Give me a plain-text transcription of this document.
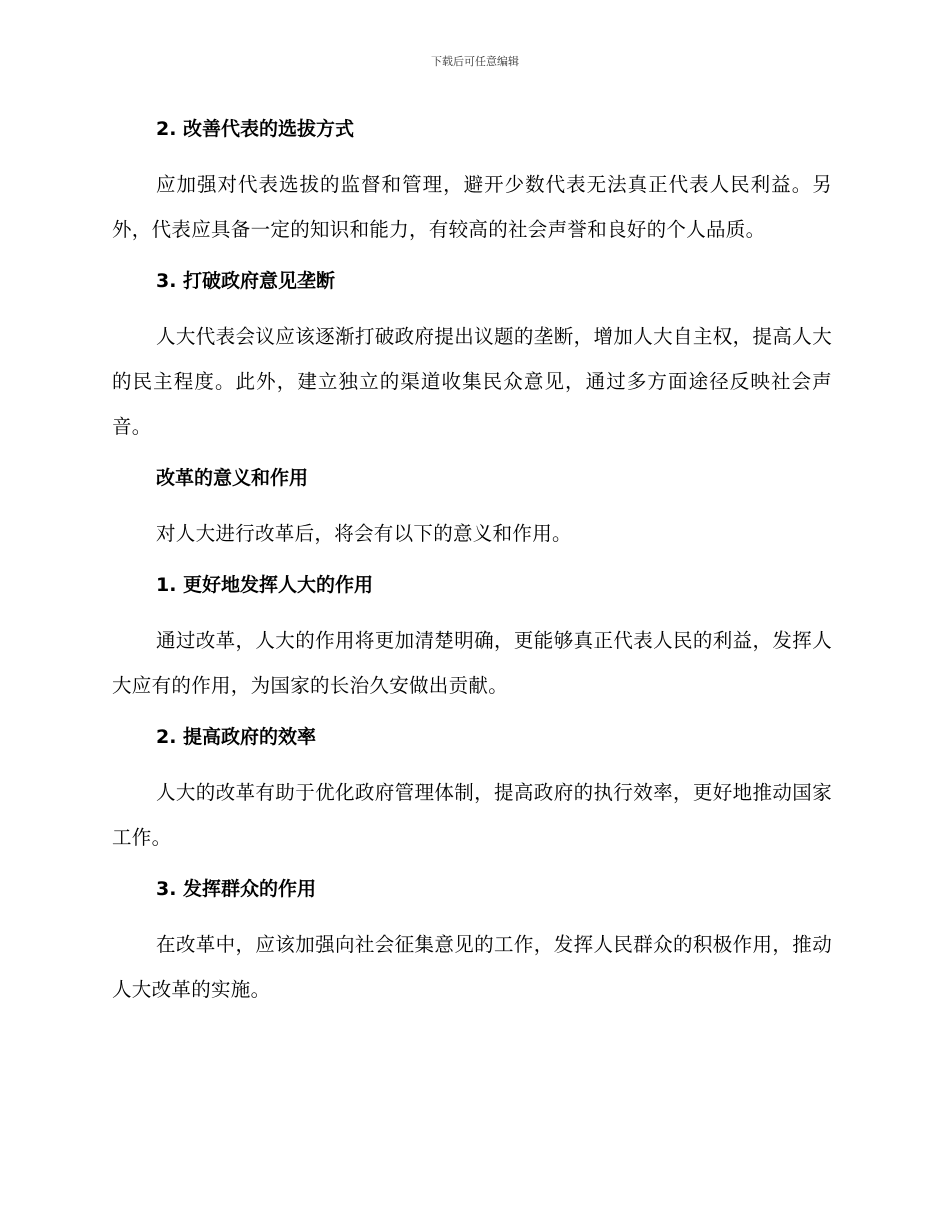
下载后可任意编辑
2. 改善代表的选拔方式
应加强对代表选拔的监督和管理，避开少数代表无法真正代表人民利益。另外，代表应具备一定的知识和能力，有较高的社会声誉和良好的个人品质。
3. 打破政府意见垄断
人大代表会议应该逐渐打破政府提出议题的垄断，增加人大自主权，提高人大的民主程度。此外，建立独立的渠道收集民众意见，通过多方面途径反映社会声音。
改革的意义和作用
对人大进行改革后，将会有以下的意义和作用。
1. 更好地发挥人大的作用
通过改革，人大的作用将更加清楚明确，更能够真正代表人民的利益，发挥人大应有的作用，为国家的长治久安做出贡献。
2. 提高政府的效率
人大的改革有助于优化政府管理体制，提高政府的执行效率，更好地推动国家工作。
3. 发挥群众的作用
在改革中，应该加强向社会征集意见的工作，发挥人民群众的积极作用，推动人大改革的实施。
